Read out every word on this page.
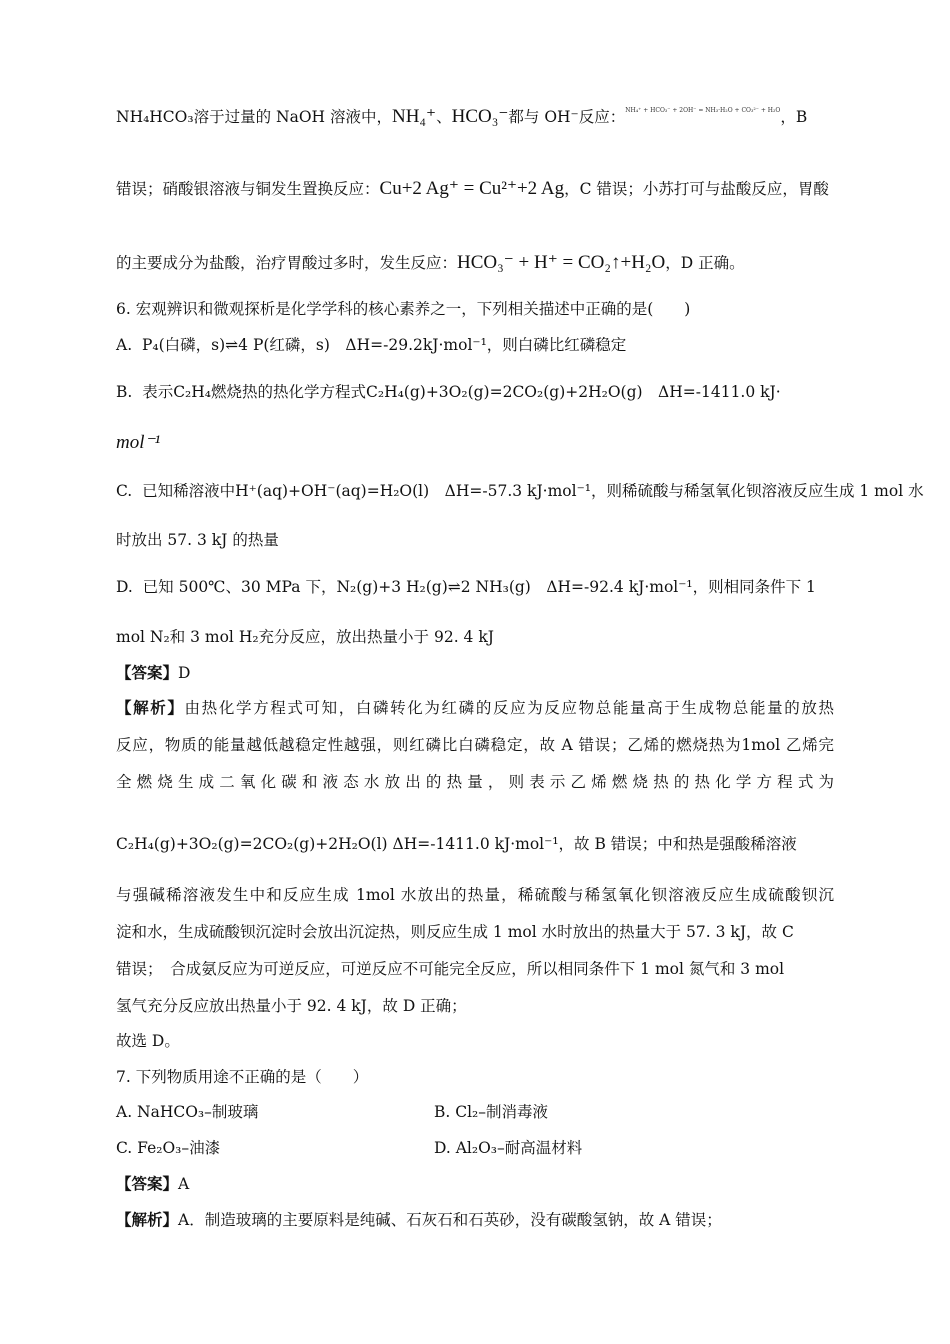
NH₄HCO₃溶于过量的 NaOH 溶液中，NH₄⁺、HCO₃⁻都与 OH⁻反应：$^{NH_4^+ + HCO_3^- + 2OH^- = NH_3\cdot H_2O + CO_3^{2-} + H_2O}$，B
错误；硝酸银溶液与铜发生置换反应：Cu+2 Ag⁺ = Cu²⁺+2 Ag，C 错误；小苏打可与盐酸反应，胃酸
的主要成分为盐酸，治疗胃酸过多时，发生反应：HCO₃⁻ + H⁺ = CO₂↑+H₂O，D 正确。
6. 宏观辨识和微观探析是化学学科的核心素养之一，下列相关描述中正确的是(　　)
A. P₄(白磷，s)⇌4 P(红磷，s)　ΔH=-29.2kJ·mol⁻¹，则白磷比红磷稳定
B. 表示C₂H₄燃烧热的热化学方程式C₂H₄(g)+3O₂(g)=2CO₂(g)+2H₂O(g)　ΔH=-1411.0 kJ·
mol⁻¹
C. 已知稀溶液中H⁺(aq)+OH⁻(aq)=H₂O(l)　ΔH=-57.3 kJ·mol⁻¹，则稀硫酸与稀氢氧化钡溶液反应生成 1 mol 水
时放出 57. 3 kJ 的热量
D. 已知 500℃、30 MPa 下，N₂(g)+3 H₂(g)⇌2 NH₃(g)　ΔH=-92.4 kJ·mol⁻¹，则相同条件下 1
mol N₂和 3 mol H₂充分反应，放出热量小于 92. 4 kJ
【答案】D
【解析】由热化学方程式可知，白磷转化为红磷的反应为反应物总能量高于生成物总能量的放热
反应，物质的能量越低越稳定性越强，则红磷比白磷稳定，故 A 错误；乙烯的燃烧热为1mol 乙烯完
全燃烧生成二氧化碳和液态水放出的热量，则表示乙烯燃烧热的热化学方程式为
C₂H₄(g)+3O₂(g)=2CO₂(g)+2H₂O(l) ΔH=-1411.0 kJ·mol⁻¹，故 B 错误；中和热是强酸稀溶液
与强碱稀溶液发生中和反应生成 1mol 水放出的热量，稀硫酸与稀氢氧化钡溶液反应生成硫酸钡沉
淀和水，生成硫酸钡沉淀时会放出沉淀热，则反应生成 1 mol 水时放出的热量大于 57. 3 kJ，故 C
错误；　合成氨反应为可逆反应，可逆反应不可能完全反应，所以相同条件下 1 mol 氮气和 3 mol
氢气充分反应放出热量小于 92. 4 kJ，故 D 正确；
故选 D。
7. 下列物质用途不正确的是（　　）
A. NaHCO₃–制玻璃	B. Cl₂–制消毒液
C. Fe₂O₃–油漆	D. Al₂O₃–耐高温材料
【答案】A
【解析】A．制造玻璃的主要原料是纯碱、石灰石和石英砂，没有碳酸氢钠，故 A 错误；
